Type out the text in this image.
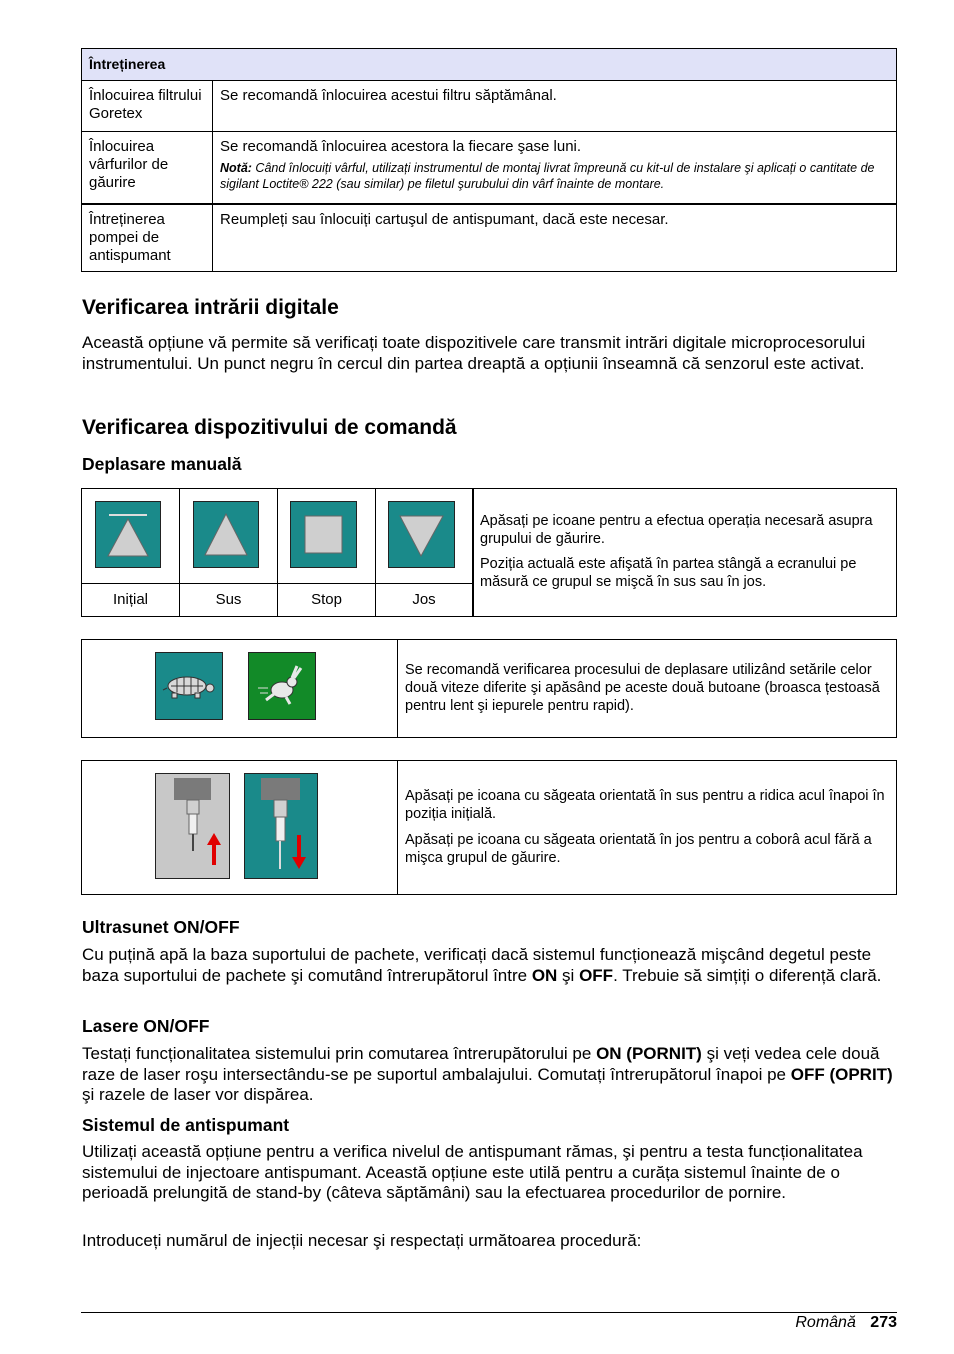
Întreținerea	
Înlocuirea filtrului Goretex	Se recomandă înlocuirea acestui filtru săptămânal.
Înlocuirea vârfurilor de găurire	Se recomandă înlocuirea acestora la fiecare şase luni.
Notă: Când înlocuiți vârful, utilizați instrumentul de montaj livrat împreună cu kit-ul de instalare şi aplicați o cantitate de sigilant Loctite® 222 (sau similar) pe filetul şurubului din vârf înainte de montare.

Întreținerea pompei de antispumant	Reumpleți sau înlocuiți cartuşul de antispumant, dacă este necesar.
Verificarea intrării digitale

Această opțiune vă permite să verificați toate dispozitivele care transmit intrări digitale microprocesorului instrumentului. Un punct negru în cercul din partea dreaptă a opțiunii înseamnă că senzorul este activat.

Verificarea dispozitivului de comandă
Deplasare manuală
Inițial	Sus	Stop	Jos
Apăsați pe icoane pentru a efectua operația necesară asupra grupului de găurire.
Poziția actuală este afişată în partea stângă a ecranului pe măsură ce grupul se mişcă în sus sau în jos.
Se recomandă verificarea procesului de deplasare utilizând setările celor două viteze diferite şi apăsând pe aceste două butoane (broasca țestoasă pentru lent şi iepurele pentru rapid).
Apăsați pe icoana cu săgeata orientată în sus pentru a ridica acul înapoi în poziția inițială.
Apăsați pe icoana cu săgeata orientată în jos pentru a coborâ acul fără a mişca grupul de găurire.
Ultrasunet ON/OFF

Cu puțină apă la baza suportului de pachete, verificați dacă sistemul funcționează mişcând degetul peste baza suportului de pachete şi comutând întrerupătorul între ON şi OFF. Trebuie să simțiți o diferență clară.

Lasere ON/OFF

Testați funcționalitatea sistemului prin comutarea întrerupătorului pe ON (PORNIT) şi veți vedea cele două raze de laser roşu intersectându-se pe suportul ambalajului. Comutați întrerupătorul înapoi pe OFF (OPRIT) şi razele de laser vor dispărea.

Sistemul de antispumant

Utilizați această opțiune pentru a verifica nivelul de antispumant rămas, şi pentru a testa funcționalitatea sistemului de injectoare antispumant. Această opțiune este utilă pentru a curăța sistemul înainte de o perioadă prelungită de stand-by (câteva săptămâni) sau la efectuarea procedurilor de pornire.

Introduceți numărul de injecții necesar şi respectați următoarea procedură:

Română 273
